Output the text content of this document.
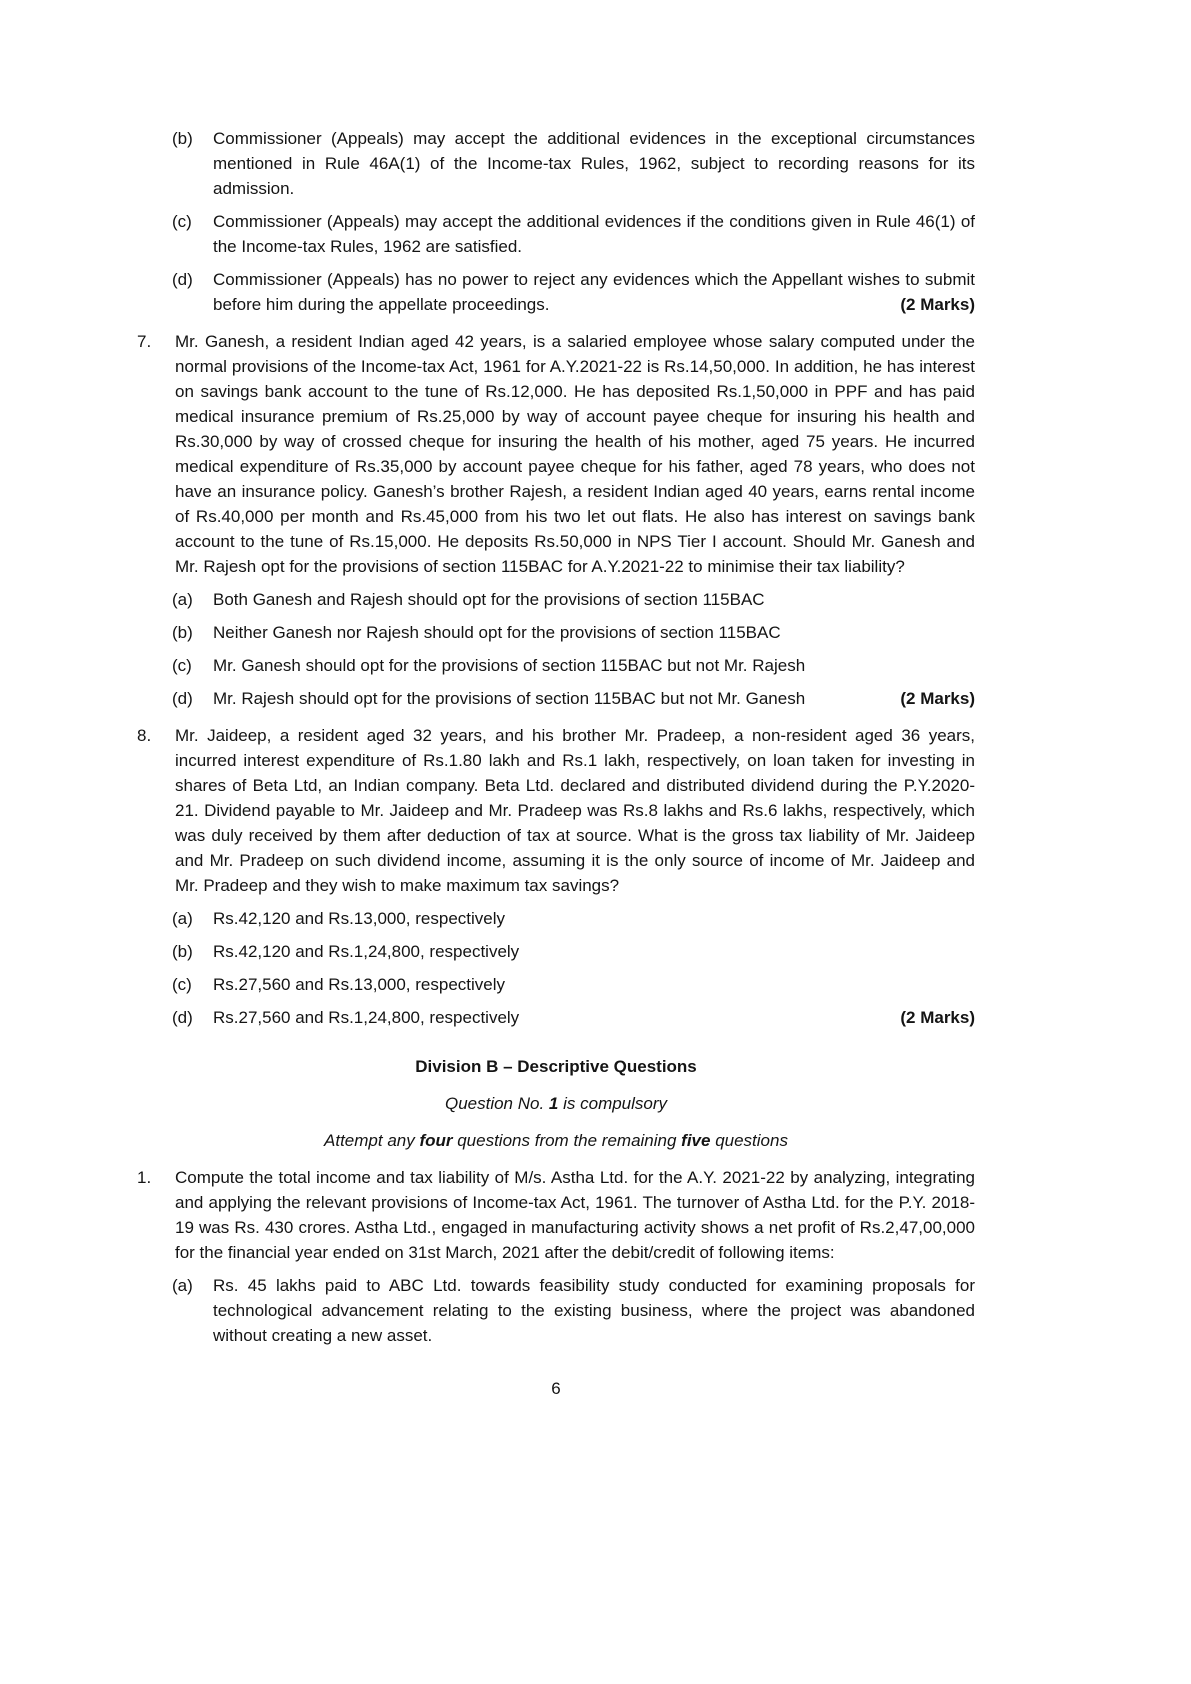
(b)	Commissioner (Appeals) may accept the additional evidences in the exceptional circumstances mentioned in Rule 46A(1) of the Income-tax Rules, 1962, subject to recording reasons for its admission.

(c)	Commissioner (Appeals) may accept the additional evidences if the conditions given in Rule 46(1) of the Income-tax Rules, 1962 are satisfied.

(d)	Commissioner (Appeals) has no power to reject any evidences which the Appellant wishes to submit before him during the appellate proceedings.	(2 Marks)

7.	Mr. Ganesh, a resident Indian aged 42 years, is a salaried employee whose salary computed under the normal provisions of the Income-tax Act, 1961 for A.Y.2021-22 is Rs.14,50,000. In addition, he has interest on savings bank account to the tune of Rs.12,000. He has deposited Rs.1,50,000 in PPF and has paid medical insurance premium of Rs.25,000 by way of account payee cheque for insuring his health and Rs.30,000 by way of crossed cheque for insuring the health of his mother, aged 75 years. He incurred medical expenditure of Rs.35,000 by account payee cheque for his father, aged 78 years, who does not have an insurance policy. Ganesh’s brother Rajesh, a resident Indian aged 40 years, earns rental income of Rs.40,000 per month and Rs.45,000 from his two let out flats. He also has interest on savings bank account to the tune of Rs.15,000. He deposits Rs.50,000 in NPS Tier I account. Should Mr. Ganesh and Mr. Rajesh opt for the provisions of section 115BAC for A.Y.2021-22 to minimise their tax liability?

(a)	Both Ganesh and Rajesh should opt for the provisions of section 115BAC

(b)	Neither Ganesh nor Rajesh should opt for the provisions of section 115BAC

(c)	Mr. Ganesh should opt for the provisions of section 115BAC but not Mr. Rajesh

(d)	Mr. Rajesh should opt for the provisions of section 115BAC but not Mr. Ganesh	(2 Marks)

8.	Mr. Jaideep, a resident aged 32 years, and his brother Mr. Pradeep, a non-resident aged 36 years, incurred interest expenditure of Rs.1.80 lakh and Rs.1 lakh, respectively, on loan taken for investing in shares of Beta Ltd, an Indian company. Beta Ltd. declared and distributed dividend during the P.Y.2020-21. Dividend payable to Mr. Jaideep and Mr. Pradeep was Rs.8 lakhs and Rs.6 lakhs, respectively, which was duly received by them after deduction of tax at source. What is the gross tax liability of Mr. Jaideep and Mr. Pradeep on such dividend income, assuming it is the only source of income of Mr. Jaideep and Mr. Pradeep and they wish to make maximum tax savings?

(a)	Rs.42,120 and Rs.13,000, respectively

(b)	Rs.42,120 and Rs.1,24,800, respectively

(c)	Rs.27,560 and Rs.13,000, respectively

(d)	Rs.27,560 and Rs.1,24,800, respectively	(2 Marks)

Division B – Descriptive Questions

Question No. 1 is compulsory

Attempt any four questions from the remaining five questions

1.	Compute the total income and tax liability of M/s. Astha Ltd. for the A.Y. 2021-22 by analyzing, integrating and applying the relevant provisions of Income-tax Act, 1961. The turnover of Astha Ltd. for the P.Y. 2018-19 was Rs. 430 crores. Astha Ltd., engaged in manufacturing activity shows a net profit of Rs.2,47,00,000 for the financial year ended on 31st March, 2021 after the debit/credit of following items:

(a)	Rs. 45 lakhs paid to ABC Ltd. towards feasibility study conducted for examining proposals for technological advancement relating to the existing business, where the project was abandoned without creating a new asset.

6
